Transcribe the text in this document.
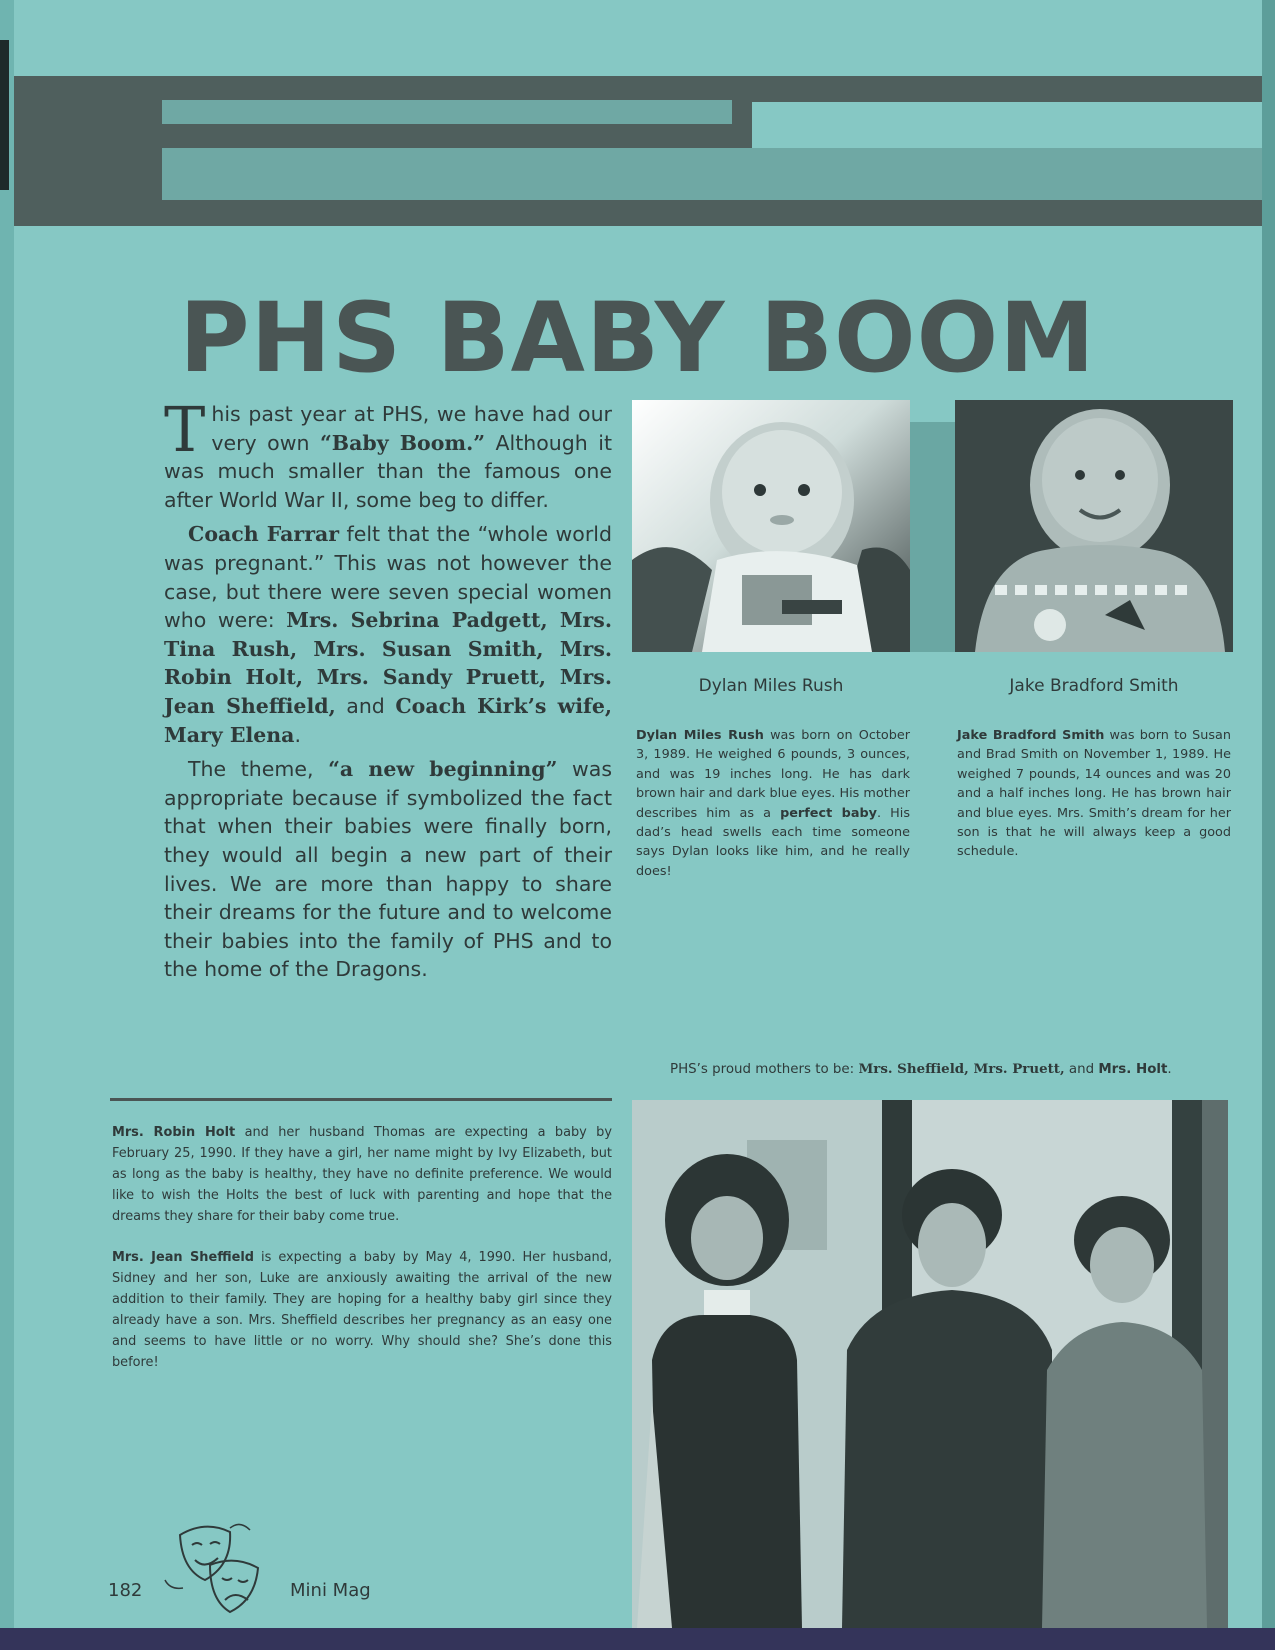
PHS BABY BOOM

This past year at PHS, we have had our very own “Baby Boom.” Although it was much smaller than the famous one after World War II, some beg to differ.

Coach Farrar felt that the “whole world was pregnant.” This was not however the case, but there were seven special women who were: Mrs. Sebrina Padgett, Mrs. Tina Rush, Mrs. Susan Smith, Mrs. Robin Holt, Mrs. Sandy Pruett, Mrs. Jean Sheffield, and Coach Kirk’s wife, Mary Elena.

The theme, “a new beginning” was appropriate because if symbolized the fact that when their babies were finally born, they would all begin a new part of their lives. We are more than happy to share their dreams for the future and to welcome their babies into the family of PHS and to the home of the Dragons.

Dylan Miles Rush	Jake Bradford Smith
Dylan Miles Rush was born on October 3, 1989. He weighed 6 pounds, 3 ounces, and was 19 inches long. He has dark brown hair and dark blue eyes. His mother describes him as a perfect baby. His dad’s head swells each time someone says Dylan looks like him, and he really does!
Jake Bradford Smith was born to Susan and Brad Smith on November 1, 1989. He weighed 7 pounds, 14 ounces and was 20 and a half inches long. He has brown hair and blue eyes. Mrs. Smith’s dream for her son is that he will always keep a good schedule.
PHS’s proud mothers to be: Mrs. Sheffield, Mrs. Pruett, and Mrs. Holt.
Mrs. Robin Holt and her husband Thomas are expecting a baby by February 25, 1990. If they have a girl, her name might by Ivy Elizabeth, but as long as the baby is healthy, they have no definite preference. We would like to wish the Holts the best of luck with parenting and hope that the dreams they share for their baby come true.
Mrs. Jean Sheffield is expecting a baby by May 4, 1990. Her husband, Sidney and her son, Luke are anxiously awaiting the arrival of the new addition to their family. They are hoping for a healthy baby girl since they already have a son. Mrs. Sheffield describes her pregnancy as an easy one and seems to have little or no worry. Why should she? She’s done this before!
182	Mini Mag
